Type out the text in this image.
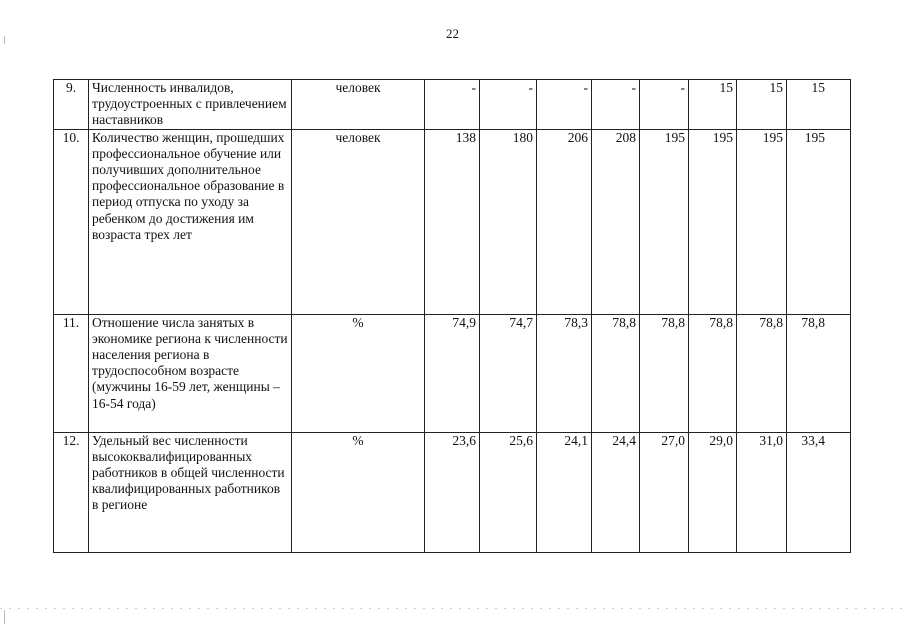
22
9.	Численность инвалидов, трудоустроенных с привлечением наставников	человек	-	-	-	-	-	15	15	15
10.	Количество женщин, прошедших профессиональное обучение или получивших дополнительное профессиональное образование в период отпуска по уходу за ребенком до достижения им возраста трех лет	человек	138	180	206	208	195	195	195	195
11.	Отношение числа занятых в экономике региона к численности населения региона в трудоспособном возрасте (мужчины 16-59 лет, женщины – 16-54 года)	%	74,9	74,7	78,3	78,8	78,8	78,8	78,8	78,8
12.	Удельный вес численности высококвалифицированных работников в общей численности квалифицированных работников в регионе	%	23,6	25,6	24,1	24,4	27,0	29,0	31,0	33,4
